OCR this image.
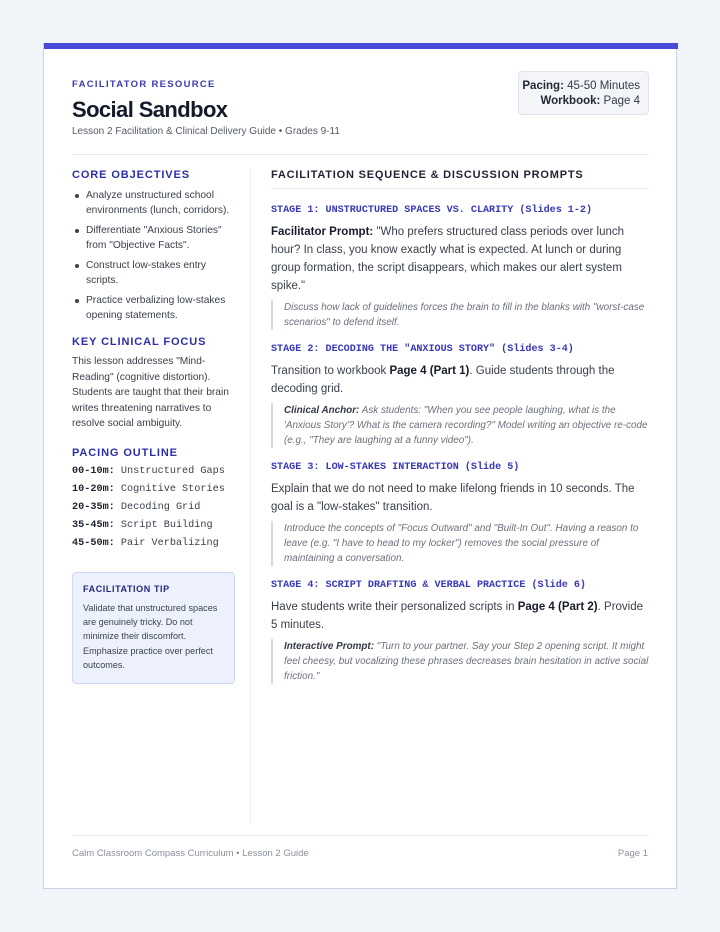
FACILITATOR RESOURCE
Social Sandbox
Lesson 2 Facilitation & Clinical Delivery Guide • Grades 9-11
Pacing: 45-50 Minutes
Workbook: Page 4
CORE OBJECTIVES
Analyze unstructured school environments (lunch, corridors).
Differentiate "Anxious Stories" from "Objective Facts".
Construct low-stakes entry scripts.
Practice verbalizing low-stakes opening statements.
KEY CLINICAL FOCUS
This lesson addresses "Mind-Reading" (cognitive distortion). Students are taught that their brain writes threatening narratives to resolve social ambiguity.
PACING OUTLINE
00-10m: Unstructured Gaps
10-20m: Cognitive Stories
20-35m: Decoding Grid
35-45m: Script Building
45-50m: Pair Verbalizing
FACILITATION TIP
Validate that unstructured spaces are genuinely tricky. Do not minimize their discomfort. Emphasize practice over perfect outcomes.
FACILITATION SEQUENCE & DISCUSSION PROMPTS
STAGE 1: UNSTRUCTURED SPACES VS. CLARITY (Slides 1-2)
Facilitator Prompt: "Who prefers structured class periods over lunch hour? In class, you know exactly what is expected. At lunch or during group formation, the script disappears, which makes our alert system spike."
Discuss how lack of guidelines forces the brain to fill in the blanks with "worst-case scenarios" to defend itself.
STAGE 2: DECODING THE "ANXIOUS STORY" (Slides 3-4)
Transition to workbook Page 4 (Part 1). Guide students through the decoding grid.
Clinical Anchor: Ask students: "When you see people laughing, what is the 'Anxious Story'? What is the camera recording?" Model writing an objective re-code (e.g., "They are laughing at a funny video").
STAGE 3: LOW-STAKES INTERACTION (Slide 5)
Explain that we do not need to make lifelong friends in 10 seconds. The goal is a "low-stakes" transition.
Introduce the concepts of "Focus Outward" and "Built-In Out". Having a reason to leave (e.g. "I have to head to my locker") removes the social pressure of maintaining a conversation.
STAGE 4: SCRIPT DRAFTING & VERBAL PRACTICE (Slide 6)
Have students write their personalized scripts in Page 4 (Part 2). Provide 5 minutes.
Interactive Prompt: "Turn to your partner. Say your Step 2 opening script. It might feel cheesy, but vocalizing these phrases decreases brain hesitation in active social friction."
Calm Classroom Compass Curriculum • Lesson 2 Guide	Page 1
